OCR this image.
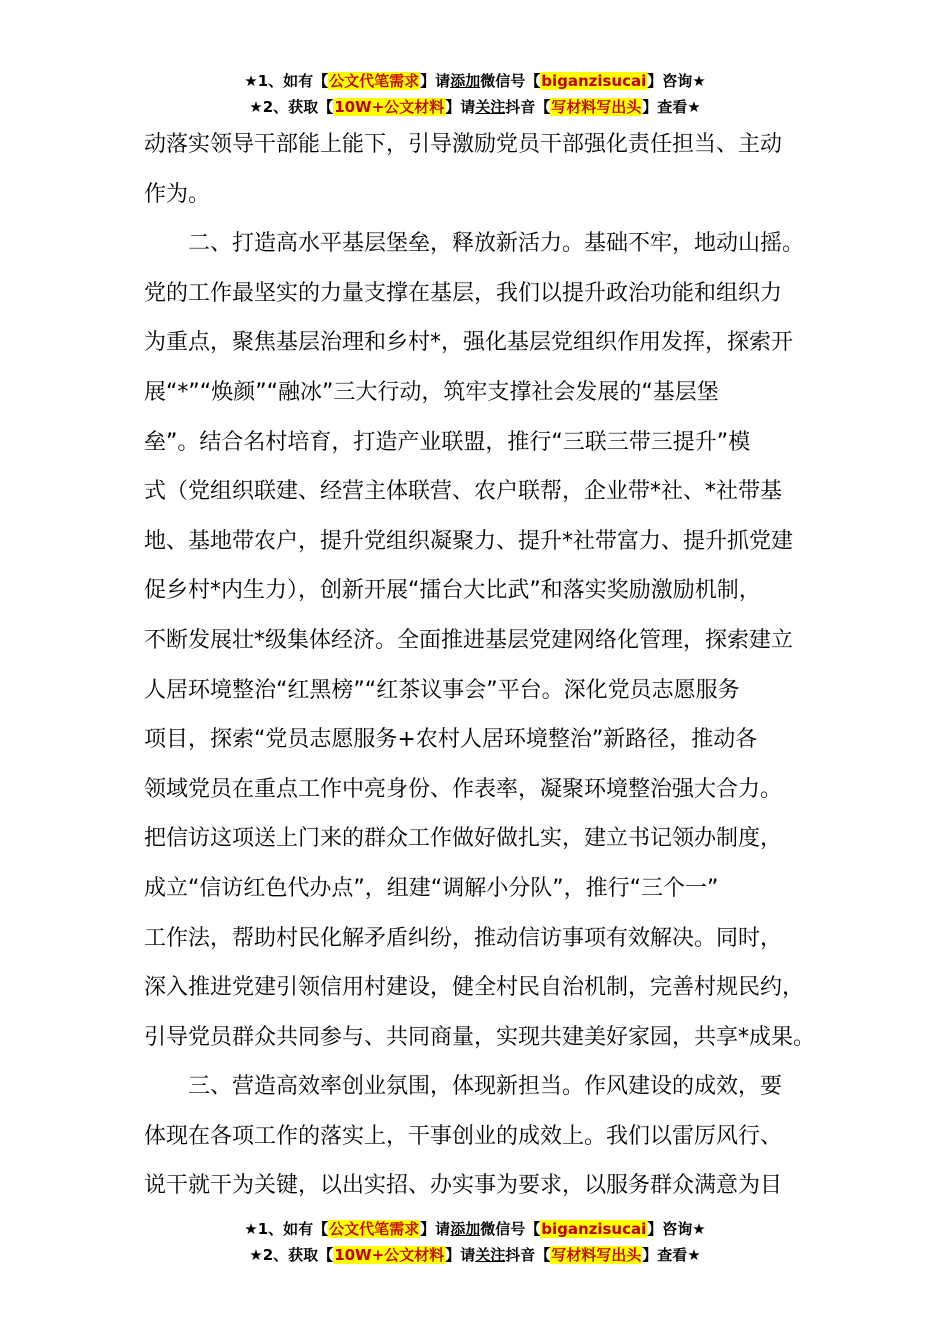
★1、如有【公文代笔需求】请添加微信号【biganzisucai】咨询★
★2、获取【10W+公文材料】请关注抖音【写材料写出头】查看★
动落实领导干部能上能下，引导激励党员干部强化责任担当、主动
作为。
　　二、打造高水平基层堡垒，释放新活力。基础不牢，地动山摇。
党的工作最坚实的力量支撑在基层，我们以提升政治功能和组织力
为重点，聚焦基层治理和乡村*，强化基层党组织作用发挥，探索开
展“*”“焕颜”“融冰”三大行动，筑牢支撑社会发展的“基层堡
垒”。结合名村培育，打造产业联盟，推行“三联三带三提升”模
式（党组织联建、经营主体联营、农户联帮，企业带*社、*社带基
地、基地带农户，提升党组织凝聚力、提升*社带富力、提升抓党建
促乡村*内生力），创新开展“擂台大比武”和落实奖励激励机制，
不断发展壮*级集体经济。全面推进基层党建网络化管理，探索建立
人居环境整治“红黑榜”“红茶议事会”平台。深化党员志愿服务
项目，探索“党员志愿服务+农村人居环境整治”新路径，推动各
领域党员在重点工作中亮身份、作表率，凝聚环境整治强大合力。
把信访这项送上门来的群众工作做好做扎实，建立书记领办制度，
成立“信访红色代办点”，组建“调解小分队”，推行“三个一”
工作法，帮助村民化解矛盾纠纷，推动信访事项有效解决。同时，
深入推进党建引领信用村建设，健全村民自治机制，完善村规民约，
引导党员群众共同参与、共同商量，实现共建美好家园，共享*成果。
　　三、营造高效率创业氛围，体现新担当。作风建设的成效，要
体现在各项工作的落实上，干事创业的成效上。我们以雷厉风行、
说干就干为关键，以出实招、办实事为要求，以服务群众满意为目
★1、如有【公文代笔需求】请添加微信号【biganzisucai】咨询★
★2、获取【10W+公文材料】请关注抖音【写材料写出头】查看★
